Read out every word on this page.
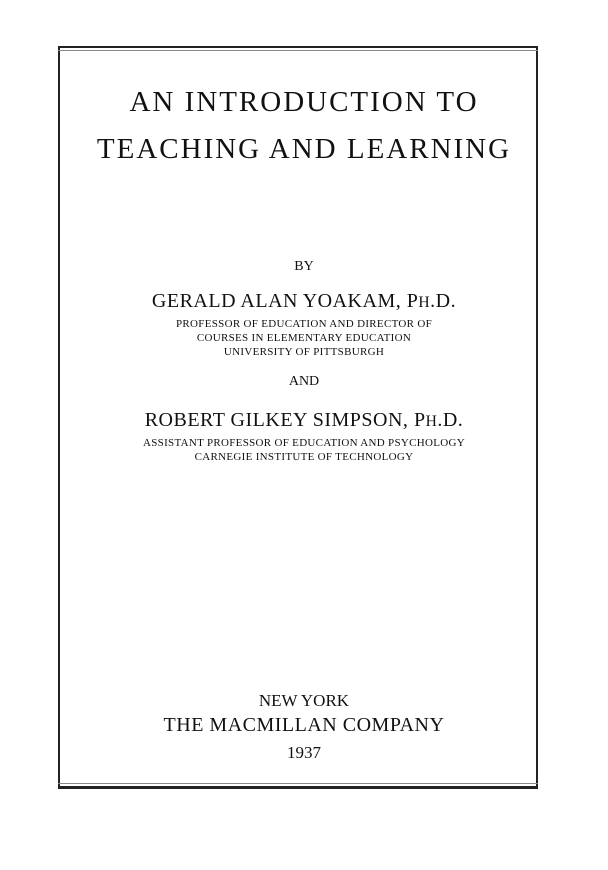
AN INTRODUCTION TO
TEACHING AND LEARNING
BY
GERALD ALAN YOAKAM, PH.D.
PROFESSOR OF EDUCATION AND DIRECTOR OF
COURSES IN ELEMENTARY EDUCATION
UNIVERSITY OF PITTSBURGH
AND
ROBERT GILKEY SIMPSON, PH.D.
ASSISTANT PROFESSOR OF EDUCATION AND PSYCHOLOGY
CARNEGIE INSTITUTE OF TECHNOLOGY
NEW YORK
THE MACMILLAN COMPANY
1937
